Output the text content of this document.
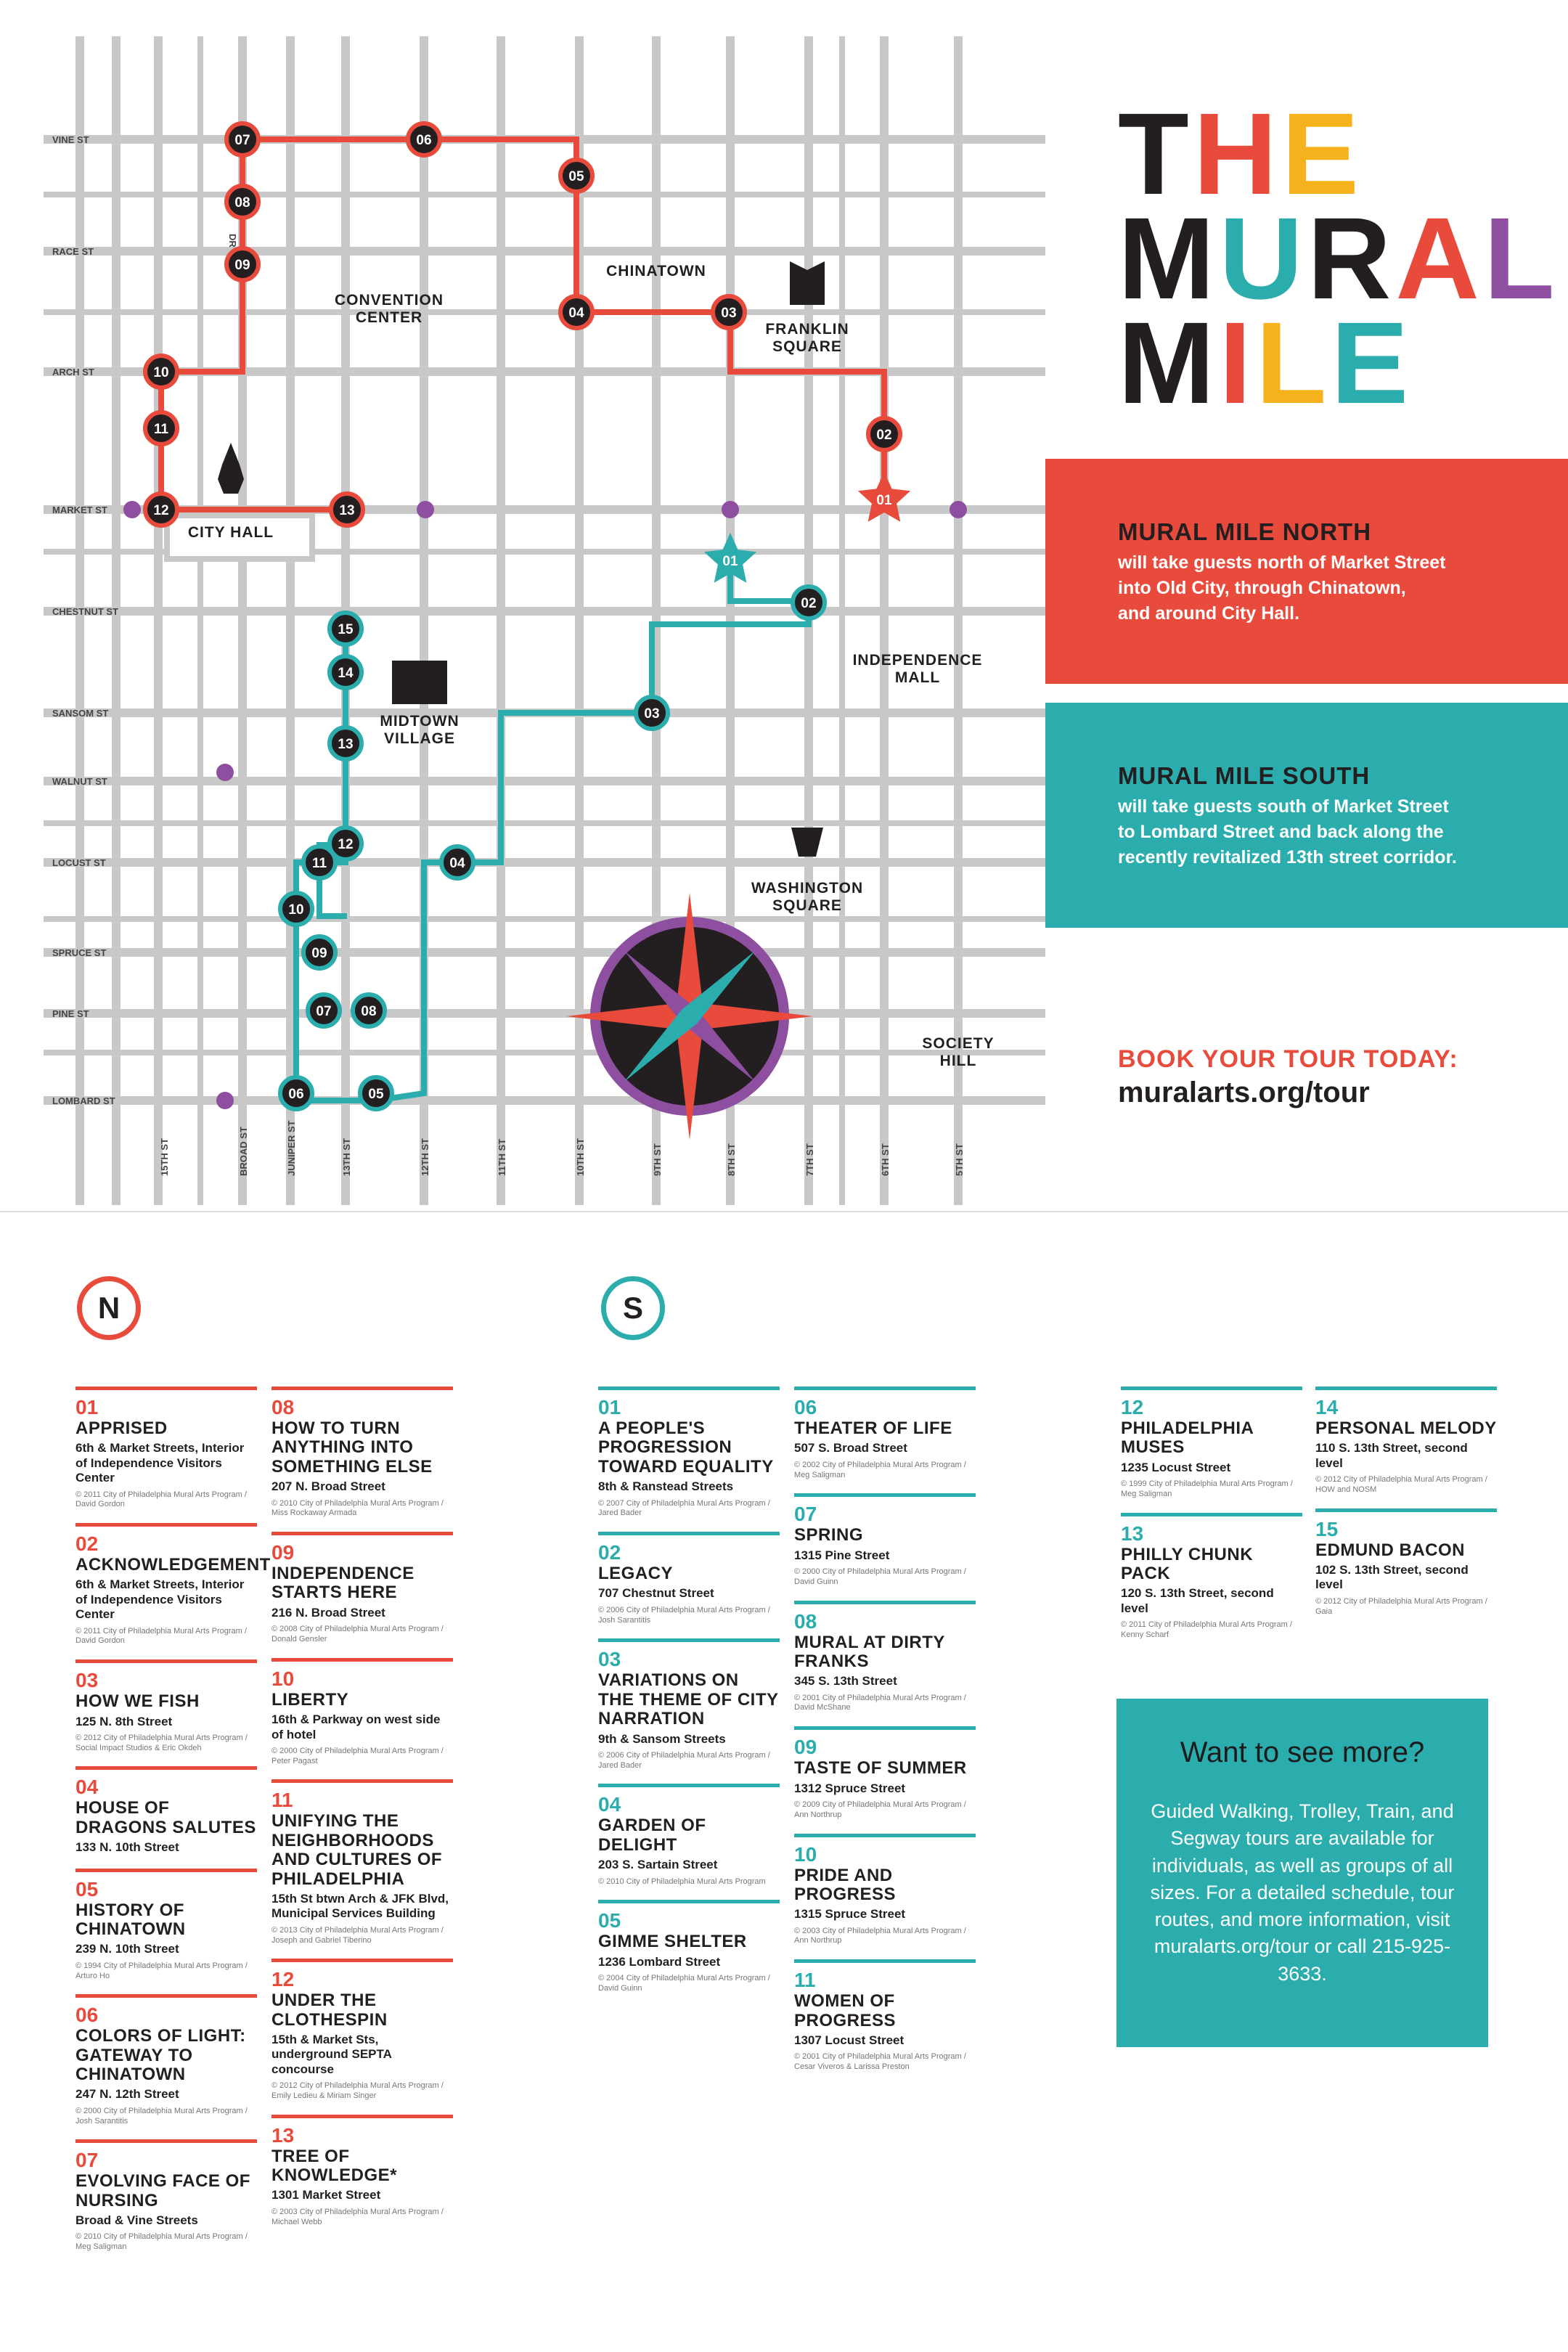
VINE ST
RACE ST
ARCH ST
MARKET ST
CHESTNUT ST
SANSOM ST
WALNUT ST
LOCUST ST
SPRUCE ST
PINE ST
LOMBARD ST
15TH ST	BROAD ST	JUNIPER ST	13TH ST	12TH ST	11TH ST	10TH ST	9TH ST	8TH ST	7TH ST	6TH ST	5TH ST
DR
CONVENTION
CENTER
CHINATOWN
FRANKLIN
SQUARE
CITY HALL
INDEPENDENCE
MALL
MIDTOWN
VILLAGE
WASHINGTON
SQUARE
SOCIETY
HILL
01
02
03
04
05
06
07
08
09
10
11
12	13
01
02
03
04
05
06
07 08
09
10
11
12
13
14
15
THE
MURAL
MILE
MURAL MILE NORTH

will take guests north of Market Street
into Old City, through Chinatown,
and around City Hall.

MURAL MILE SOUTH

will take guests south of Market Street
to Lombard Street and back along the
recently revitalized 13th street corridor.

BOOK YOUR TOUR TODAY:
muralarts.org/tour
N	S
01
APPRISED
6th & Market Streets, Interior of Independence Visitors Center
© 2011 City of Philadelphia Mural Arts Program / David Gordon
02
ACKNOWLEDGEMENT
6th & Market Streets, Interior of Independence Visitors Center
© 2011 City of Philadelphia Mural Arts Program / David Gordon
03
HOW WE FISH
125 N. 8th Street
© 2012 City of Philadelphia Mural Arts Program / Social Impact Studios & Eric Okdeh
04
HOUSE OF DRAGONS SALUTES
133 N. 10th Street
05
HISTORY OF CHINATOWN
239 N. 10th Street
© 1994 City of Philadelphia Mural Arts Program / Arturo Ho
06
COLORS OF LIGHT: GATEWAY TO CHINATOWN
247 N. 12th Street
© 2000 City of Philadelphia Mural Arts Program / Josh Sarantitis
07
EVOLVING FACE OF NURSING
Broad & Vine Streets
© 2010 City of Philadelphia Mural Arts Program / Meg Saligman
08
HOW TO TURN ANYTHING INTO SOMETHING ELSE
207 N. Broad Street
© 2010 City of Philadelphia Mural Arts Program / Miss Rockaway Armada
09
INDEPENDENCE STARTS HERE
216 N. Broad Street
© 2008 City of Philadelphia Mural Arts Program / Donald Gensler
10
LIBERTY
16th & Parkway on west side of hotel
© 2000 City of Philadelphia Mural Arts Program / Peter Pagast
11
UNIFYING THE NEIGHBORHOODS AND CULTURES OF PHILADELPHIA
15th St btwn Arch & JFK Blvd, Municipal Services Building
© 2013 City of Philadelphia Mural Arts Program / Joseph and Gabriel Tiberino
12
UNDER THE CLOTHESPIN
15th & Market Sts, underground SEPTA concourse
© 2012 City of Philadelphia Mural Arts Program / Emily Ledieu & Miriam Singer
13
TREE OF KNOWLEDGE*
1301 Market Street
© 2003 City of Philadelphia Mural Arts Program / Michael Webb
01
A PEOPLE'S PROGRESSION TOWARD EQUALITY
8th & Ranstead Streets
© 2007 City of Philadelphia Mural Arts Program / Jared Bader
02
LEGACY
707 Chestnut Street
© 2006 City of Philadelphia Mural Arts Program / Josh Sarantitis
03
VARIATIONS ON THE THEME OF CITY NARRATION
9th & Sansom Streets
© 2006 City of Philadelphia Mural Arts Program / Jared Bader
04
GARDEN OF DELIGHT
203 S. Sartain Street
© 2010 City of Philadelphia Mural Arts Program
05
GIMME SHELTER
1236 Lombard Street
© 2004 City of Philadelphia Mural Arts Program / David Guinn
06
THEATER OF LIFE
507 S. Broad Street
© 2002 City of Philadelphia Mural Arts Program / Meg Saligman
07
SPRING
1315 Pine Street
© 2000 City of Philadelphia Mural Arts Program / David Guinn
08
MURAL AT DIRTY FRANKS
345 S. 13th Street
© 2001 City of Philadelphia Mural Arts Program / David McShane
09
TASTE OF SUMMER
1312 Spruce Street
© 2009 City of Philadelphia Mural Arts Program / Ann Northrup
10
PRIDE AND PROGRESS
1315 Spruce Street
© 2003 City of Philadelphia Mural Arts Program / Ann Northrup
11
WOMEN OF PROGRESS
1307 Locust Street
© 2001 City of Philadelphia Mural Arts Program / Cesar Viveros & Larissa Preston
12
PHILADELPHIA MUSES
1235 Locust Street
© 1999 City of Philadelphia Mural Arts Program / Meg Saligman
13
PHILLY CHUNK PACK
120 S. 13th Street, second level
© 2011 City of Philadelphia Mural Arts Program / Kenny Scharf
14
PERSONAL MELODY
110 S. 13th Street, second level
© 2012 City of Philadelphia Mural Arts Program / HOW and NOSM
15
EDMUND BACON
102 S. 13th Street, second level
© 2012 City of Philadelphia Mural Arts Program / Gaia
Want to see more?

Guided Walking, Trolley, Train, and Segway tours are available for individuals, as well as groups of all sizes. For a detailed schedule, tour routes, and more information, visit muralarts.org/tour or call 215-925-3633.
